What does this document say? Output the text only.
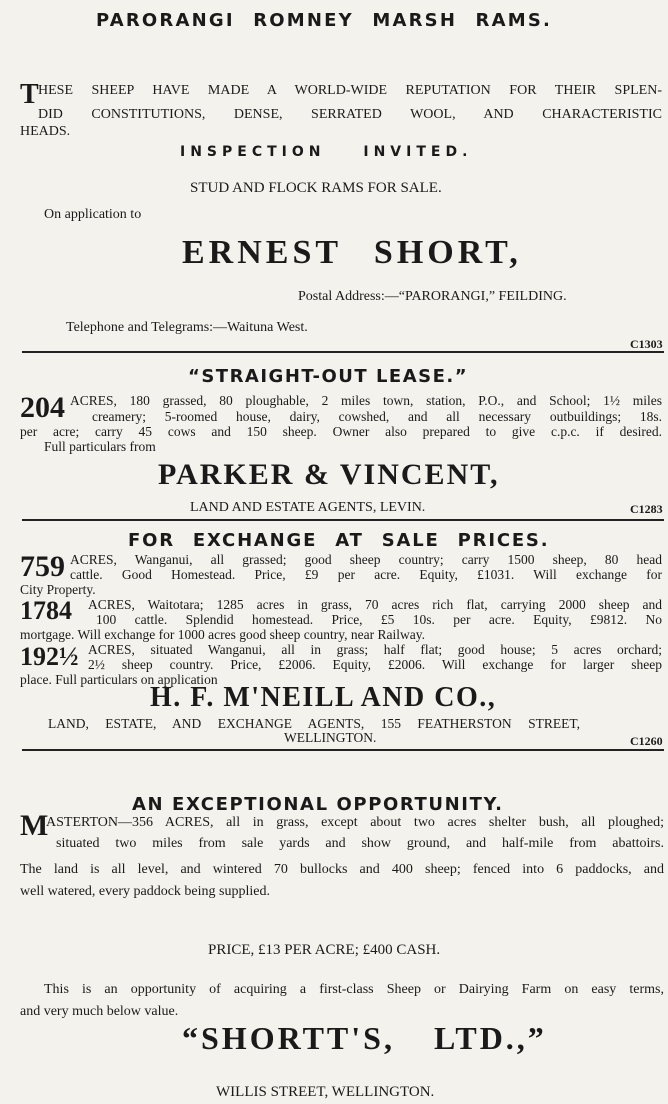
PARORANGI ROMNEY MARSH RAMS.
T HESE SHEEP HAVE MADE A WORLD-WIDE REPUTATION FOR THEIR SPLEN-
DID CONSTITUTIONS, DENSE, SERRATED WOOL, AND CHARACTERISTIC
HEADS.
INSPECTION INVITED.
STUD AND FLOCK RAMS FOR SALE.
On application to
ERNEST SHORT,
Postal Address:—“PARORANGI,” FEILDING.
Telephone and Telegrams:—Waituna West.
C1303
“STRAIGHT-OUT LEASE.”
204 ACRES, 180 grassed, 80 ploughable, 2 miles town, station, P.O., and School; 1½ miles
creamery; 5-roomed house, dairy, cowshed, and all necessary outbuildings; 18s.
per acre; carry 45 cows and 150 sheep. Owner also prepared to give c.p.c. if desired.
Full particulars from
PARKER & VINCENT,
LAND AND ESTATE AGENTS, LEVIN.	C1283
FOR EXCHANGE AT SALE PRICES.
759 ACRES, Wanganui, all grassed; good sheep country; carry 1500 sheep, 80 head
cattle. Good Homestead. Price, £9 per acre. Equity, £1031. Will exchange for
City Property.
1784 ACRES, Waitotara; 1285 acres in grass, 70 acres rich flat, carrying 2000 sheep and
100 cattle. Splendid homestead. Price, £5 10s. per acre. Equity, £9812. No
mortgage. Will exchange for 1000 acres good sheep country, near Railway.
192½ ACRES, situated Wanganui, all in grass; half flat; good house; 5 acres orchard;
2½ sheep country. Price, £2006. Equity, £2006. Will exchange for larger sheep
place. Full particulars on application
H. F. M'NEILL AND CO.,
LAND, ESTATE, AND EXCHANGE AGENTS, 155 FEATHERSTON STREET,
WELLINGTON.	C1260
AN EXCEPTIONAL OPPORTUNITY.
M
ASTERTON—356 ACRES, all in grass, except about two acres shelter bush, all ploughed;
situated two miles from sale yards and show ground, and half-mile from abattoirs.
The land is all level, and wintered 70 bullocks and 400 sheep; fenced into 6 paddocks, and
well watered, every paddock being supplied.
PRICE, £13 PER ACRE; £400 CASH.
This is an opportunity of acquiring a first-class Sheep or Dairying Farm on easy terms,
and very much below value.
“SHORTT'S, LTD.,”
WILLIS STREET, WELLINGTON.
